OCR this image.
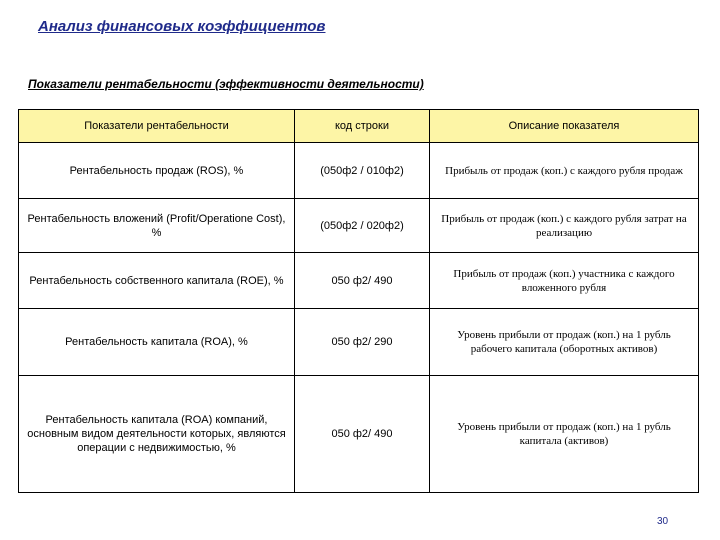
Анализ финансовых коэффициентов
Показатели рентабельности (эффективности деятельности)
Показатели рентабельности	код строки	Описание показателя
Рентабельность продаж (ROS), %	(050ф2 / 010ф2)	Прибыль от продаж (коп.) с каждого рубля продаж
Рентабельность вложений (Profit/Operatione Cost), %	(050ф2 / 020ф2)	Прибыль от продаж (коп.) с каждого рубля затрат на реализацию
Рентабельность собственного капитала (ROE), %	050 ф2/ 490	Прибыль от продаж (коп.) участника с каждого вложенного рубля
Рентабельность капитала (ROA), %	050 ф2/ 290	Уровень прибыли от продаж (коп.) на 1 рубль рабочего капитала (оборотных активов)
Рентабельность капитала (ROA) компаний, основным видом деятельности которых, являются операции с недвижимостью, %	050 ф2/ 490	Уровень прибыли от продаж (коп.) на 1 рубль капитала (активов)
30
